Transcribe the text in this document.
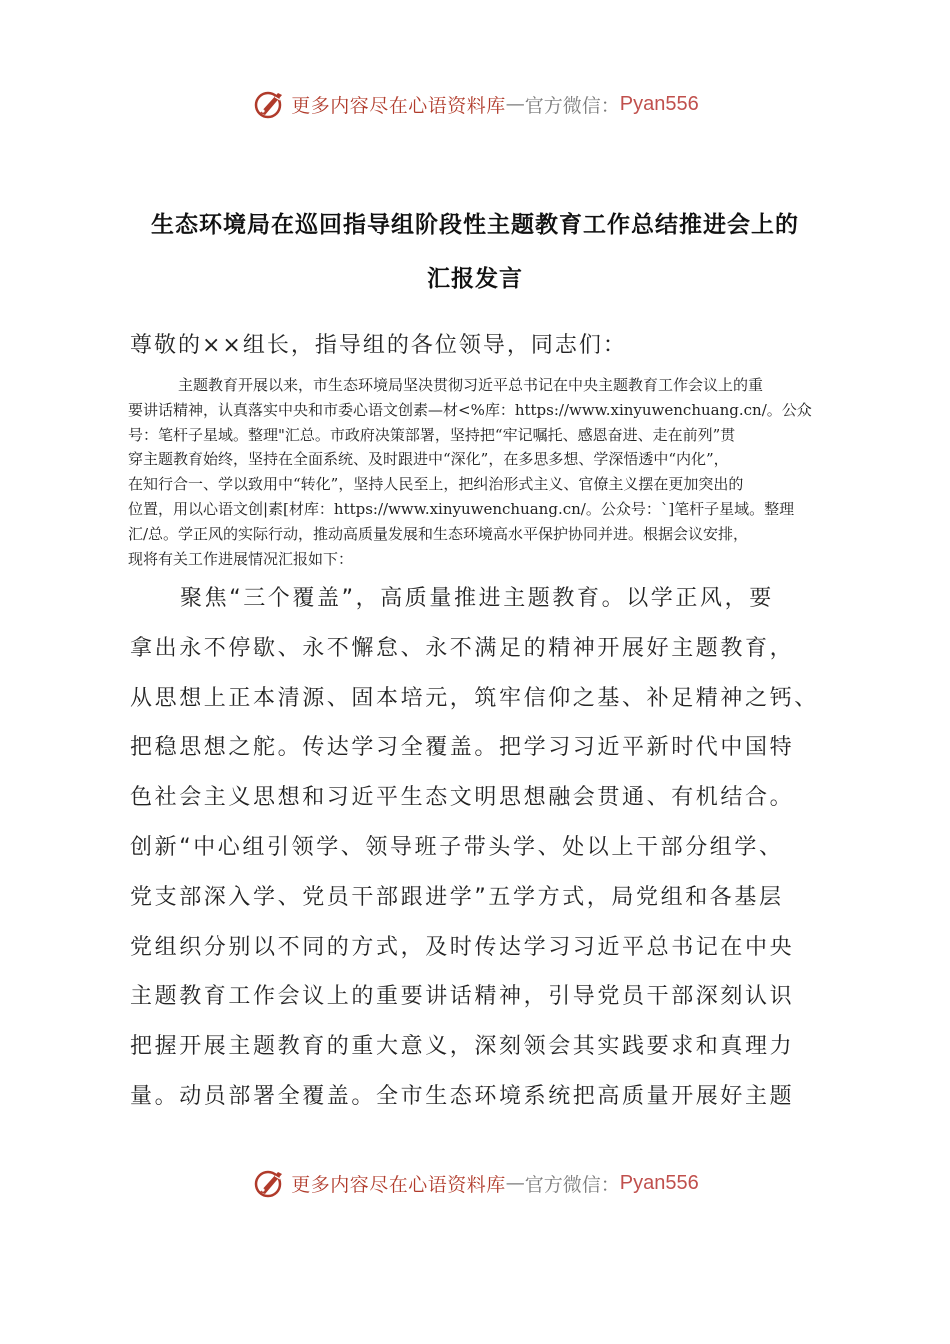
更多内容尽在心语资料库 — 官方微信： Pyan556
生态环境局在巡回指导组阶段性主题教育工作总结推进会上的
汇报发言
尊敬的××组长，指导组的各位领导，同志们：
主题教育开展以来，市生态环境局坚决贯彻习近平总书记在中央主题教育工作会议上的重
要讲话精神，认真落实中央和市委心语文创素—材<%库：https://www.xinyuwenchuang.cn/。公众
号：笔杆子星域。整理"汇总。市政府决策部署，坚持把“牢记嘱托、感恩奋进、走在前列”贯
穿主题教育始终，坚持在全面系统、及时跟进中“深化”，在多思多想、学深悟透中“内化”，
在知行合一、学以致用中“转化”，坚持人民至上，把纠治形式主义、官僚主义摆在更加突出的
位置，用以心语文创|素[材库：https://www.xinyuwenchuang.cn/。公众号：`]笔杆子星域。整理
汇/总。学正风的实际行动，推动高质量发展和生态环境高水平保护协同并进。根据会议安排，
现将有关工作进展情况汇报如下：
聚焦“三个覆盖”，高质量推进主题教育。以学正风，要
拿出永不停歇、永不懈怠、永不满足的精神开展好主题教育，
从思想上正本清源、固本培元，筑牢信仰之基、补足精神之钙、
把稳思想之舵。传达学习全覆盖。把学习习近平新时代中国特
色社会主义思想和习近平生态文明思想融会贯通、有机结合。
创新“中心组引领学、领导班子带头学、处以上干部分组学、
党支部深入学、党员干部跟进学”五学方式，局党组和各基层
党组织分别以不同的方式，及时传达学习习近平总书记在中央
主题教育工作会议上的重要讲话精神，引导党员干部深刻认识
把握开展主题教育的重大意义，深刻领会其实践要求和真理力
量。动员部署全覆盖。全市生态环境系统把高质量开展好主题
更多内容尽在心语资料库 — 官方微信： Pyan556
